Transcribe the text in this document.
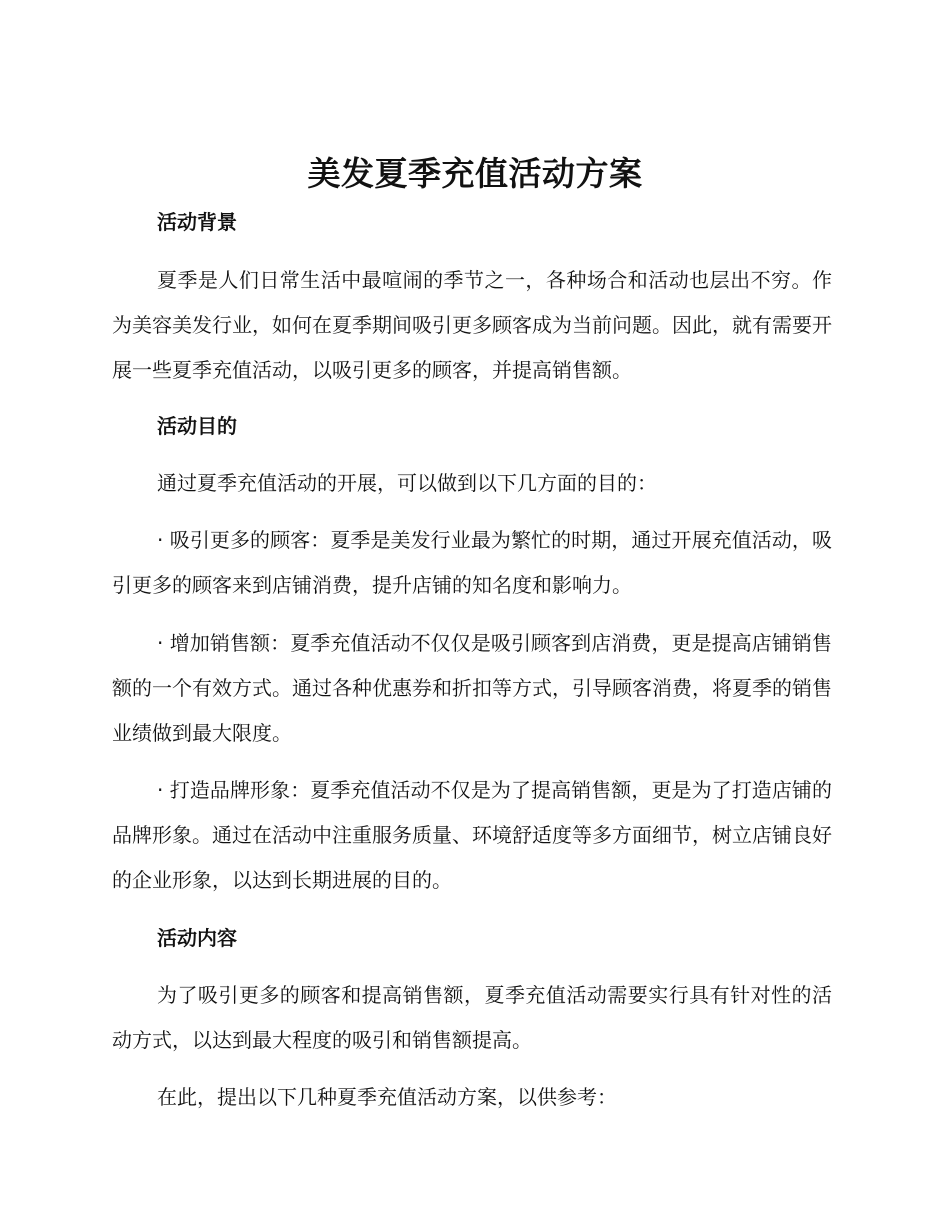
美发夏季充值活动方案
活动背景

夏季是人们日常生活中最喧闹的季节之一，各种场合和活动也层出不穷。作为美容美发行业，如何在夏季期间吸引更多顾客成为当前问题。因此，就有需要开展一些夏季充值活动，以吸引更多的顾客，并提高销售额。

活动目的

通过夏季充值活动的开展，可以做到以下几方面的目的：

· 吸引更多的顾客：夏季是美发行业最为繁忙的时期，通过开展充值活动，吸引更多的顾客来到店铺消费，提升店铺的知名度和影响力。

· 增加销售额：夏季充值活动不仅仅是吸引顾客到店消费，更是提高店铺销售额的一个有效方式。通过各种优惠券和折扣等方式，引导顾客消费，将夏季的销售业绩做到最大限度。

· 打造品牌形象：夏季充值活动不仅是为了提高销售额，更是为了打造店铺的品牌形象。通过在活动中注重服务质量、环境舒适度等多方面细节，树立店铺良好的企业形象，以达到长期进展的目的。

活动内容

为了吸引更多的顾客和提高销售额，夏季充值活动需要实行具有针对性的活动方式，以达到最大程度的吸引和销售额提高。

在此，提出以下几种夏季充值活动方案，以供参考：
